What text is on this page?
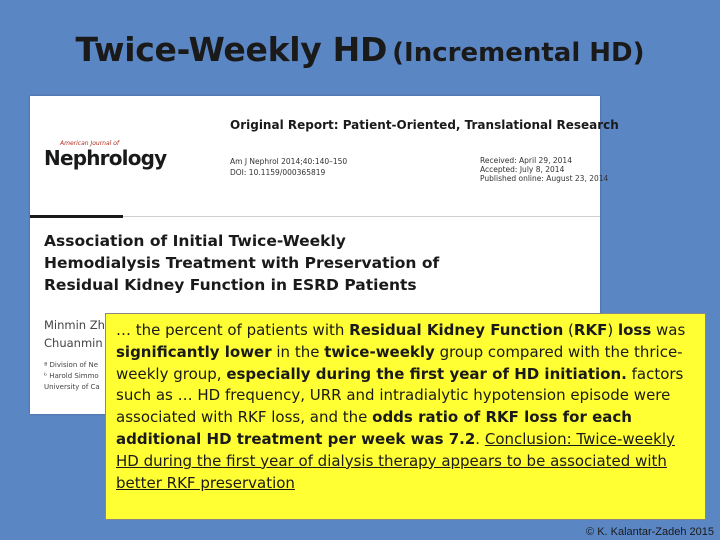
Twice-Weekly HD (Incremental HD)
American Journal of
Nephrology
Original Report: Patient-Oriented, Translational Research
Am J Nephrol 2014;40:140–150
DOI: 10.1159/000365819
Received: April 29, 2014
Accepted: July 8, 2014
Published online: August 23, 2014
Association of Initial Twice-Weekly
Hemodialysis Treatment with Preservation of
Residual Kidney Function in ESRD Patients
Minmin Zh
Chuanmin
ª Division of Ne
ᵇ Harold Simmo
University of Ca
… the percent of patients with Residual Kidney Function (RKF) loss was significantly lower in the twice-weekly group compared with the thrice-weekly group, especially during the first year of HD initiation. factors such as … HD frequency, URR and intradialytic hypotension episode were associated with RKF loss, and the odds ratio of RKF loss for each additional HD treatment per week was 7.2. Conclusion: Twice-weekly HD during the first year of dialysis therapy appears to be associated with better RKF preservation
© K. Kalantar-Zadeh 2015
